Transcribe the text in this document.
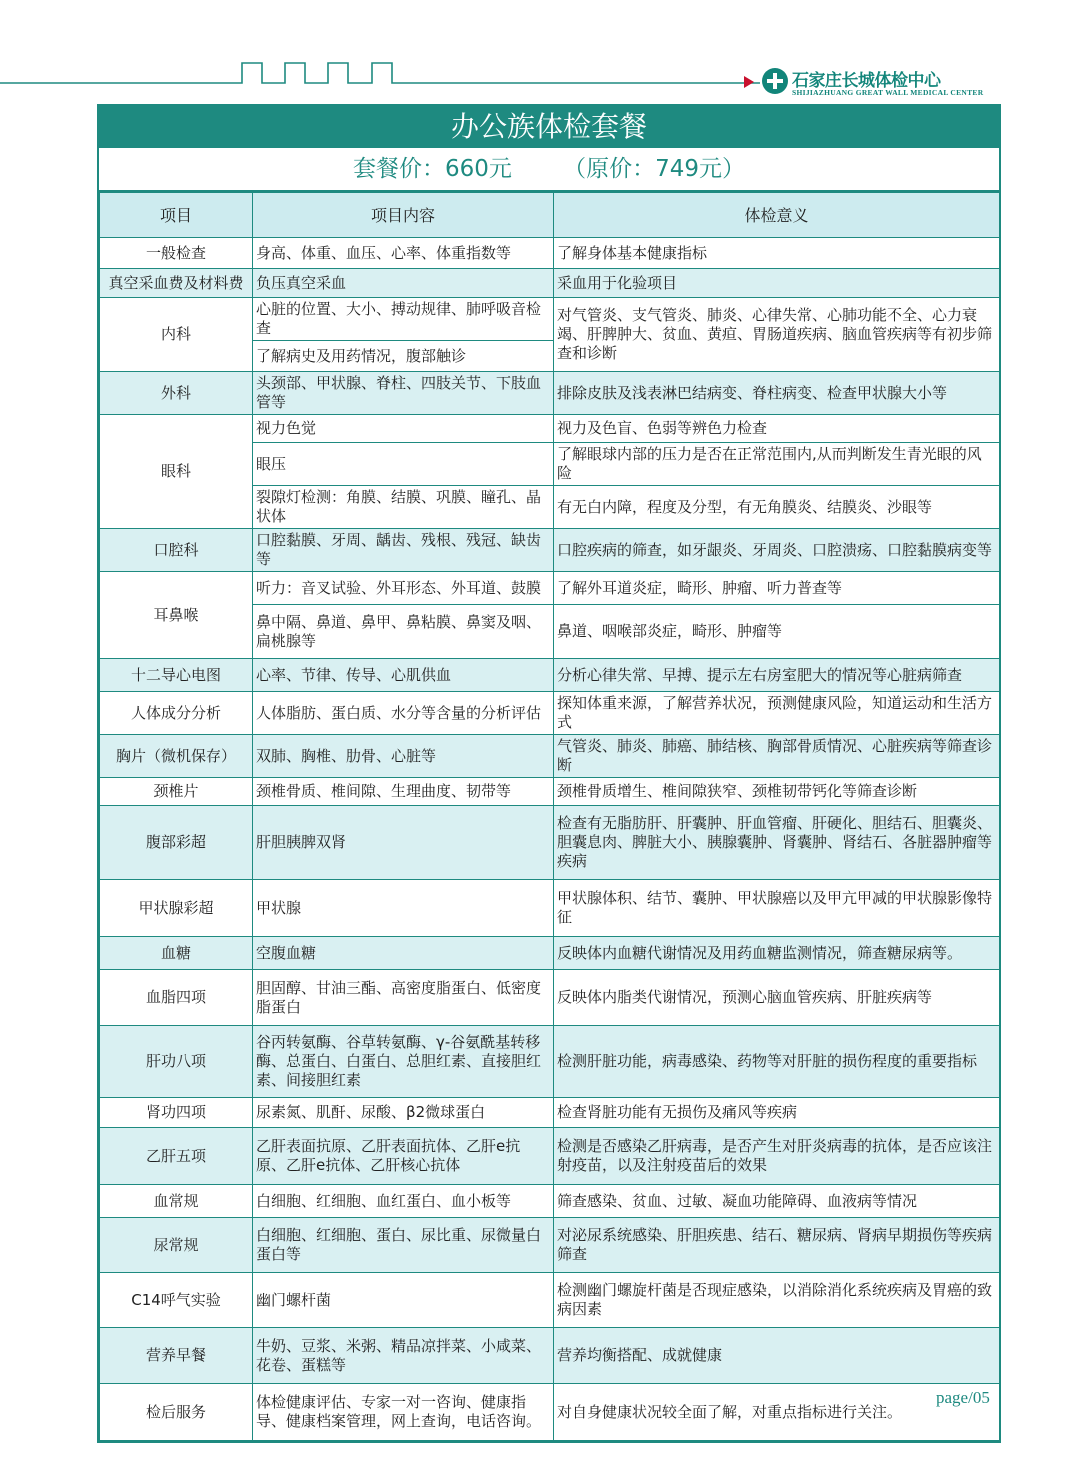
石家庄长城体检中心
SHIJIAZHUANG GREAT WALL MEDICAL CENTER
办公族体检套餐
套餐价：660元 （原价：749元）
项目	项目内容	体检意义
一般检查	身高、体重、血压、心率、体重指数等	了解身体基本健康指标
真空采血费及材料费	负压真空采血	采血用于化验项目
内科	心脏的位置、大小、搏动规律、肺呼吸音检查	对气管炎、支气管炎、肺炎、心律失常、心肺功能不全、心力衰竭、肝脾肿大、贫血、黄疸、胃肠道疾病、脑血管疾病等有初步筛查和诊断
	了解病史及用药情况，腹部触诊	
外科	头颈部、甲状腺、脊柱、四肢关节、下肢血管等	排除皮肤及浅表淋巴结病变、脊柱病变、检查甲状腺大小等
眼科	视力色觉	视力及色盲、色弱等辨色力检查
	眼压	了解眼球内部的压力是否在正常范围内,从而判断发生青光眼的风险
	裂隙灯检测：角膜、结膜、巩膜、瞳孔、晶状体	有无白内障，程度及分型，有无角膜炎、结膜炎、沙眼等
口腔科	口腔黏膜、牙周、龋齿、残根、残冠、缺齿等	口腔疾病的筛查，如牙龈炎、牙周炎、口腔溃疡、口腔黏膜病变等
耳鼻喉	听力：音叉试验、外耳形态、外耳道、鼓膜	了解外耳道炎症，畸形、肿瘤、听力普查等
	鼻中隔、鼻道、鼻甲、鼻粘膜、鼻窦及咽、扁桃腺等	鼻道、咽喉部炎症，畸形、肿瘤等
十二导心电图	心率、节律、传导、心肌供血	分析心律失常、早搏、提示左右房室肥大的情况等心脏病筛查
人体成分分析	人体脂肪、蛋白质、水分等含量的分析评估	探知体重来源，了解营养状况，预测健康风险，知道运动和生活方式
胸片（微机保存）	双肺、胸椎、肋骨、心脏等	气管炎、肺炎、肺癌、肺结核、胸部骨质情况、心脏疾病等筛查诊断
颈椎片	颈椎骨质、椎间隙、生理曲度、韧带等	颈椎骨质增生、椎间隙狭窄、颈椎韧带钙化等筛查诊断
腹部彩超	肝胆胰脾双肾	检查有无脂肪肝、肝囊肿、肝血管瘤、肝硬化、胆结石、胆囊炎、胆囊息肉、脾脏大小、胰腺囊肿、肾囊肿、肾结石、各脏器肿瘤等疾病
甲状腺彩超	甲状腺	甲状腺体积、结节、囊肿、甲状腺癌以及甲亢甲减的甲状腺影像特征
血糖	空腹血糖	反映体内血糖代谢情况及用药血糖监测情况，筛查糖尿病等。
血脂四项	胆固醇、甘油三酯、高密度脂蛋白、低密度脂蛋白	反映体内脂类代谢情况，预测心脑血管疾病、肝脏疾病等
肝功八项	谷丙转氨酶、谷草转氨酶、γ-谷氨酰基转移酶、总蛋白、白蛋白、总胆红素、直接胆红素、间接胆红素	检测肝脏功能，病毒感染、药物等对肝脏的损伤程度的重要指标
肾功四项	尿素氮、肌酐、尿酸、β2微球蛋白	检查肾脏功能有无损伤及痛风等疾病
乙肝五项	乙肝表面抗原、乙肝表面抗体、乙肝e抗原、乙肝e抗体、乙肝核心抗体	检测是否感染乙肝病毒，是否产生对肝炎病毒的抗体，是否应该注射疫苗，以及注射疫苗后的效果
血常规	白细胞、红细胞、血红蛋白、血小板等	筛查感染、贫血、过敏、凝血功能障碍、血液病等情况
尿常规	白细胞、红细胞、蛋白、尿比重、尿微量白蛋白等	对泌尿系统感染、肝胆疾患、结石、糖尿病、肾病早期损伤等疾病筛查
C14呼气实验	幽门螺杆菌	检测幽门螺旋杆菌是否现症感染，以消除消化系统疾病及胃癌的致病因素
营养早餐	牛奶、豆浆、米粥、精品凉拌菜、小咸菜、花卷、蛋糕等	营养均衡搭配、成就健康
检后服务	体检健康评估、专家一对一咨询、健康指导、健康档案管理，网上查询，电话咨询。	对自身健康状况较全面了解，对重点指标进行关注。
page/05
